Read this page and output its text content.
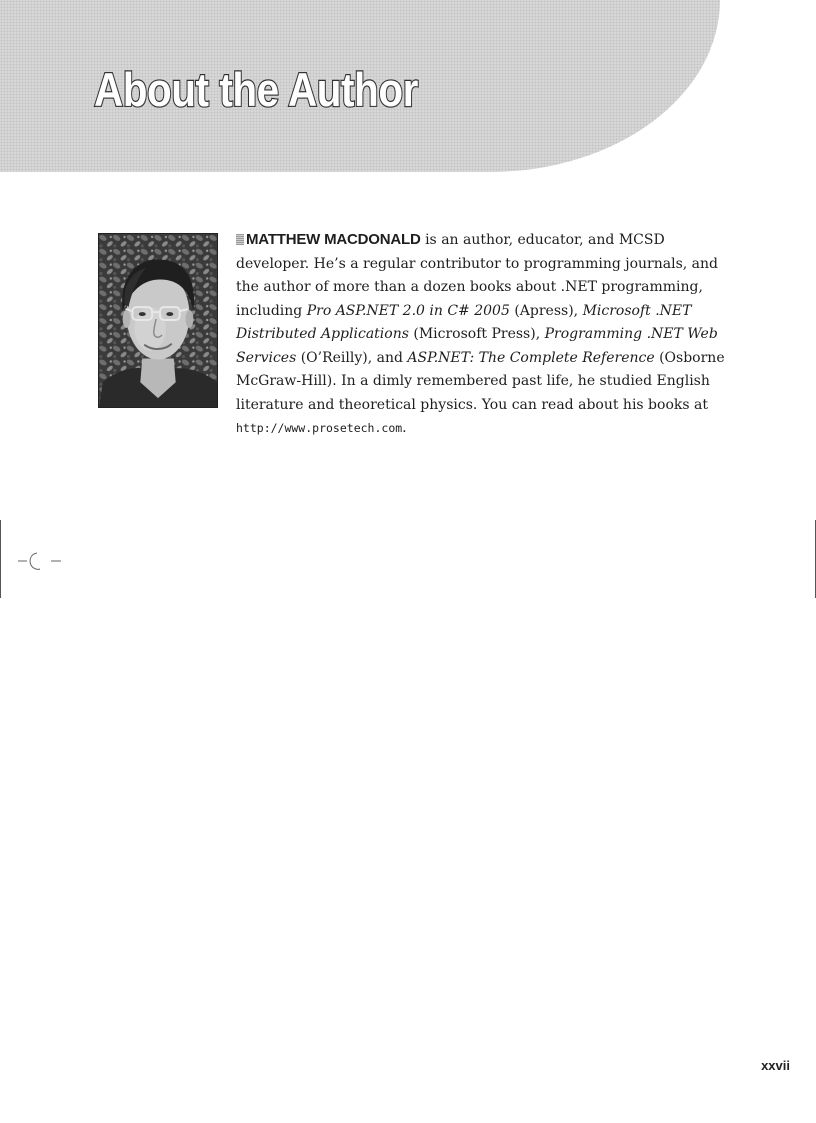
About the Author

MATTHEW MACDONALD is an author, educator, and MCSD developer. He’s a regular contributor to programming journals, and the author of more than a dozen books about .NET programming, including Pro ASP.NET 2.0 in C# 2005 (Apress), Microsoft .NET Distributed Applications (Microsoft Press), Programming .NET Web Services (O’Reilly), and ASP.NET: The Complete Reference (Osborne McGraw-Hill). In a dimly remembered past life, he studied English literature and theoretical physics. You can read about his books at http://www.prosetech.com.

xxvii
